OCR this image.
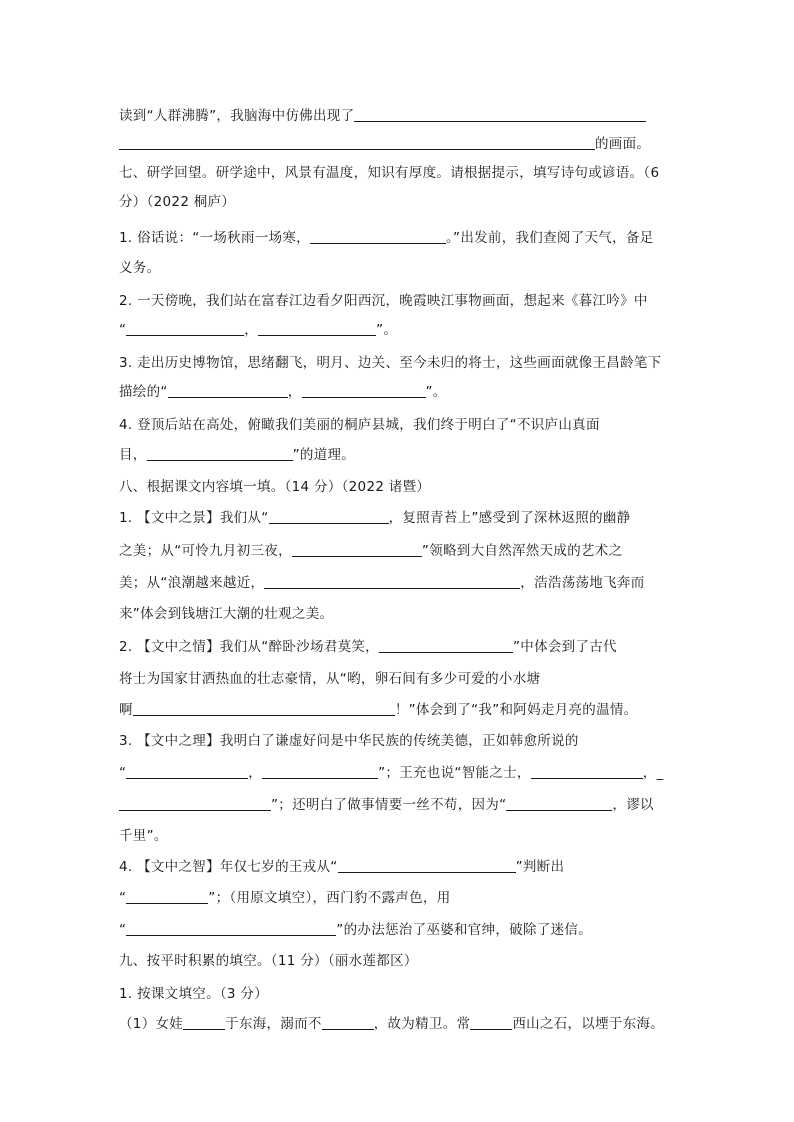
读到“人群沸腾”，我脑海中仿佛出现了
的画面。
七、研学回望。研学途中，风景有温度，知识有厚度。请根据提示，填写诗句或谚语。（6
分）（2022 桐庐）
1. 俗话说：“一场秋雨一场寒，	。”出发前，我们查阅了天气，备足
义务。
2. 一天傍晚，我们站在富春江边看夕阳西沉，晚霞映江事物画面，想起来《暮江吟》中
“	，	”。
3. 走出历史博物馆，思绪翻飞，明月、边关、至今未归的将士，这些画面就像王昌龄笔下
描绘的“	，	”。
4. 登顶后站在高处，俯瞰我们美丽的桐庐县城，我们终于明白了“不识庐山真面
目，	”的道理。
八、根据课文内容填一填。（14 分）（2022 诸暨）
1. 【文中之景】我们从“	，复照青苔上”感受到了深林返照的幽静
之美；从“可怜九月初三夜，	”领略到大自然浑然天成的艺术之
美；从“浪潮越来越近，	，浩浩荡荡地飞奔而
来”体会到钱塘江大潮的壮观之美。
2. 【文中之情】我们从“醉卧沙场君莫笑，	”中体会到了古代
将士为国家甘洒热血的壮志豪情，从“哟，卵石间有多少可爱的小水塘
啊	！”体会到了“我”和阿妈走月亮的温情。
3. 【文中之理】我明白了谦虚好问是中华民族的传统美德，正如韩愈所说的
“	，	”；王充也说“智能之士，	，_
”；还明白了做事情要一丝不苟，因为“	，谬以
千里”。
4. 【文中之智】年仅七岁的王戎从“	”判断出
“	”；（用原文填空），西门豹不露声色，用
“	”的办法惩治了巫婆和官绅，破除了迷信。
九、按平时积累的填空。（11 分）（丽水莲都区）
1. 按课文填空。（3 分）
（1）女娃	于东海，溺而不	，故为精卫。常	西山之石，以堙于东海。
